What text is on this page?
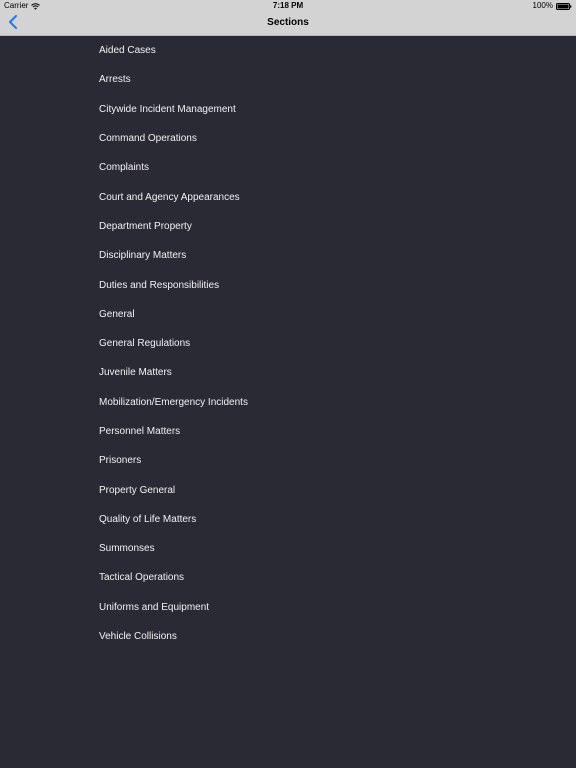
Carrier	7:18 PM	100%
Sections
Aided Cases
Arrests
Citywide Incident Management
Command Operations
Complaints
Court and Agency Appearances
Department Property
Disciplinary Matters
Duties and Responsibilities
General
General Regulations
Juvenile Matters
Mobilization/Emergency Incidents
Personnel Matters
Prisoners
Property General
Quality of Life Matters
Summonses
Tactical Operations
Uniforms and Equipment
Vehicle Collisions
